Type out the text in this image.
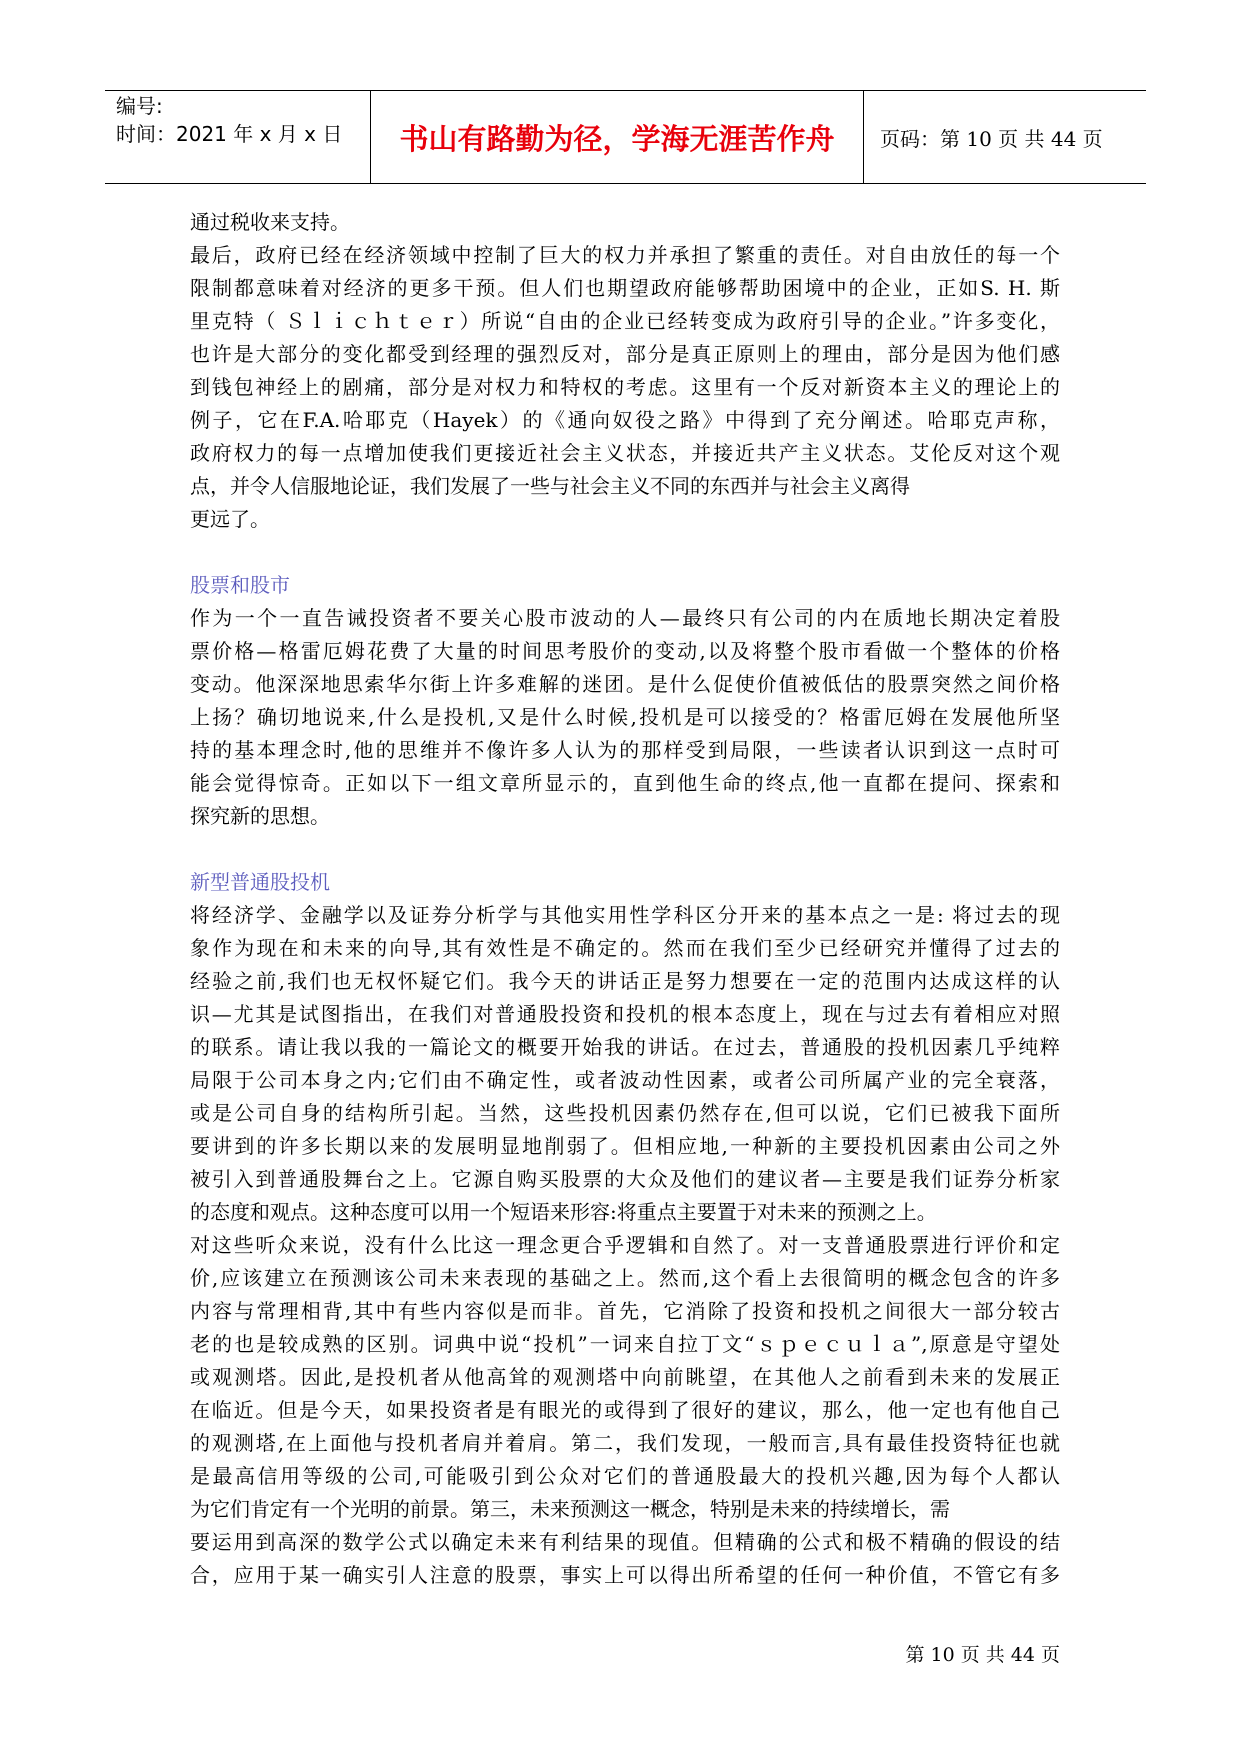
编号:
时间：2021 年 x 月 x 日 书山有路勤为径，学海无涯苦作舟 页码：第 10 页 共 44 页
通过税收来支持。
最后，政府已经在经济领域中控制了巨大的权力并承担了繁重的责任。对自由放任的每一个
限制都意味着对经济的更多干预。但人们也期望政府能够帮助困境中的企业，正如S. H. 斯
里克特（ Ｓｌｉｃｈｔｅｒ）所说“自由的企业已经转变成为政府引导的企业。”许多变化，
也许是大部分的变化都受到经理的强烈反对，部分是真正原则上的理由，部分是因为他们感
到钱包神经上的剧痛，部分是对权力和特权的考虑。这里有一个反对新资本主义的理论上的
例子，它在F.A.哈耶克（Hayek）的《通向奴役之路》中得到了充分阐述。哈耶克声称，
政府权力的每一点增加使我们更接近社会主义状态，并接近共产主义状态。艾伦反对这个观
点，并令人信服地论证，我们发展了一些与社会主义不同的东西并与社会主义离得
更远了。
股票和股市
作为一个一直告诫投资者不要关心股市波动的人—最终只有公司的内在质地长期决定着股
票价格—格雷厄姆花费了大量的时间思考股价的变动,以及将整个股市看做一个整体的价格
变动。他深深地思索华尔街上许多难解的迷团。是什么促使价值被低估的股票突然之间价格
上扬？确切地说来,什么是投机,又是什么时候,投机是可以接受的？格雷厄姆在发展他所坚
持的基本理念时,他的思维并不像许多人认为的那样受到局限，一些读者认识到这一点时可
能会觉得惊奇。正如以下一组文章所显示的，直到他生命的终点,他一直都在提问、探索和
探究新的思想。
新型普通股投机
将经济学、金融学以及证券分析学与其他实用性学科区分开来的基本点之一是: 将过去的现
象作为现在和未来的向导,其有效性是不确定的。然而在我们至少已经研究并懂得了过去的
经验之前,我们也无权怀疑它们。我今天的讲话正是努力想要在一定的范围内达成这样的认
识—尤其是试图指出，在我们对普通股投资和投机的根本态度上，现在与过去有着相应对照
的联系。请让我以我的一篇论文的概要开始我的讲话。在过去，普通股的投机因素几乎纯粹
局限于公司本身之内;它们由不确定性，或者波动性因素，或者公司所属产业的完全衰落，
或是公司自身的结构所引起。当然，这些投机因素仍然存在,但可以说，它们已被我下面所
要讲到的许多长期以来的发展明显地削弱了。但相应地,一种新的主要投机因素由公司之外
被引入到普通股舞台之上。它源自购买股票的大众及他们的建议者—主要是我们证券分析家
的态度和观点。这种态度可以用一个短语来形容:将重点主要置于对未来的预测之上。
对这些听众来说，没有什么比这一理念更合乎逻辑和自然了。对一支普通股票进行评价和定
价,应该建立在预测该公司未来表现的基础之上。然而,这个看上去很简明的概念包含的许多
内容与常理相背,其中有些内容似是而非。首先，它消除了投资和投机之间很大一部分较古
老的也是较成熟的区别。词典中说“投机”一词来自拉丁文“ｓｐｅｃｕｌａ”,原意是守望处
或观测塔。因此,是投机者从他高耸的观测塔中向前眺望，在其他人之前看到未来的发展正
在临近。但是今天，如果投资者是有眼光的或得到了很好的建议，那么，他一定也有他自己
的观测塔,在上面他与投机者肩并着肩。第二，我们发现，一般而言,具有最佳投资特征也就
是最高信用等级的公司,可能吸引到公众对它们的普通股最大的投机兴趣,因为每个人都认
为它们肯定有一个光明的前景。第三，未来预测这一概念，特别是未来的持续增长，需
要运用到高深的数学公式以确定未来有利结果的现值。但精确的公式和极不精确的假设的结
合，应用于某一确实引人注意的股票，事实上可以得出所希望的任何一种价值，不管它有多
第 10 页 共 44 页
